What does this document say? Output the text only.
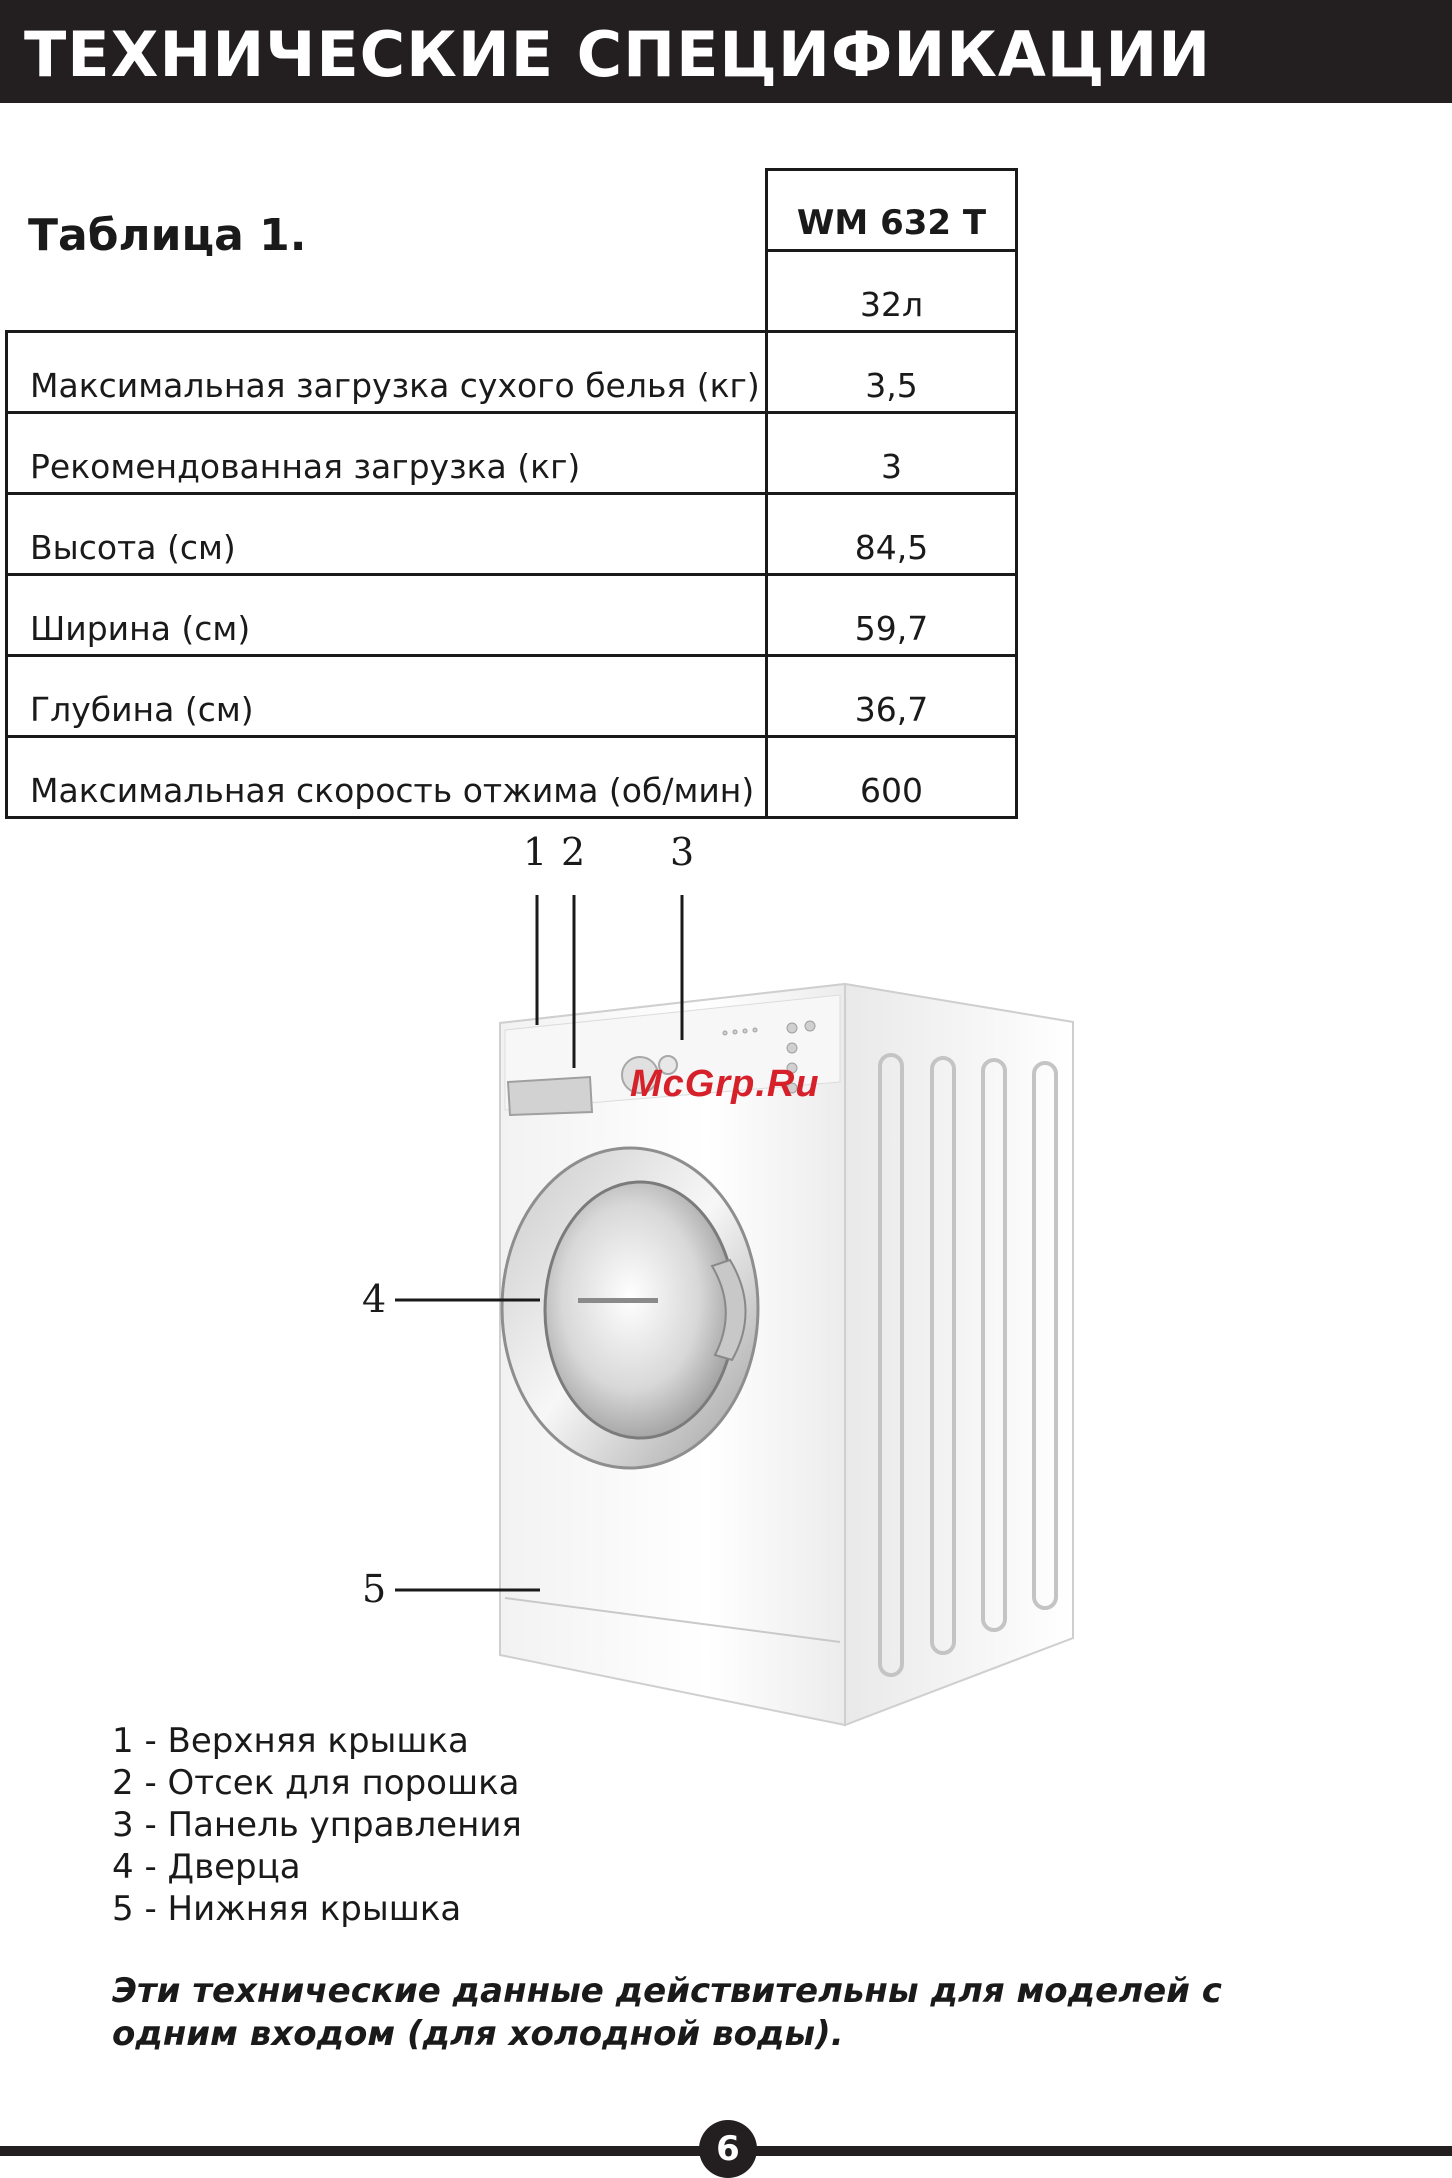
ТЕХНИЧЕСКИЕ СПЕЦИФИКАЦИИ
Таблица 1.
		WM 632 T
	32л
Максимальная загрузка сухого белья (кг)	3,5
Рекомендованная загрузка (кг)	3
Высота (см)	84,5
Ширина (см)	59,7
Глубина (см)	36,7
Максимальная скорость отжима (об/мин)	600
1 2 3
4
5
McGrp.Ru
1 - Верхняя крышка
2 - Отсек для порошка
3 - Панель управления
4 - Дверца
5 - Нижняя крышка
Эти технические данные действительны для моделей с одним входом (для холодной воды).
6
